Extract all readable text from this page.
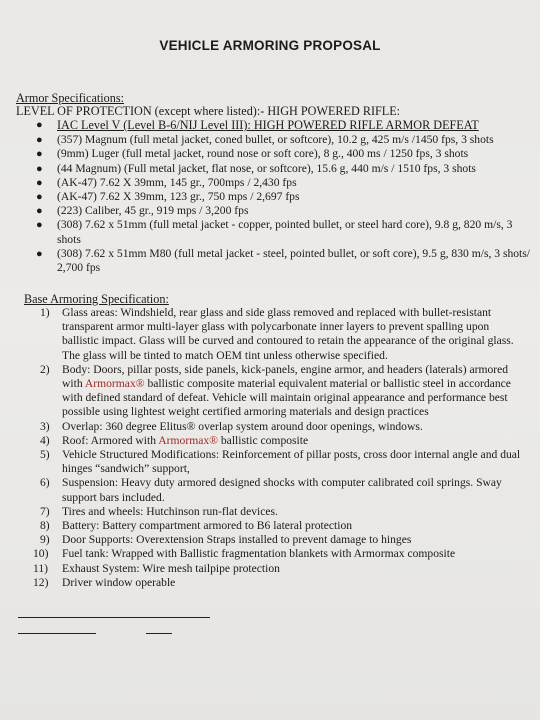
VEHICLE ARMORING PROPOSAL
Armor Specifications:
LEVEL OF PROTECTION (except where listed):- HIGH POWERED RIFLE:
● IAC Level V (Level B-6/NIJ Level III): HIGH POWERED RIFLE ARMOR DEFEAT
● (357) Magnum (full metal jacket, coned bullet, or softcore), 10.2 g, 425 m/s /1450 fps, 3 shots
● (9mm) Luger (full metal jacket, round nose or soft core), 8 g., 400 ms / 1250 fps, 3 shots
● (44 Magnum) (Full metal jacket, flat nose, or softcore), 15.6 g, 440 m/s / 1510 fps, 3 shots
● (AK-47) 7.62 X 39mm, 145 gr., 700mps / 2,430 fps
● (AK-47) 7.62 X 39mm, 123 gr., 750 mps / 2,697 fps
● (223) Caliber, 45 gr., 919 mps / 3,200 fps
● (308) 7.62 x 51mm (full metal jacket - copper, pointed bullet, or steel hard core), 9.8 g, 820 m/s, 3 shots
● (308) 7.62 x 51mm M80 (full metal jacket - steel, pointed bullet, or soft core), 9.5 g, 830 m/s, 3 shots/ 2,700 fps
Base Armoring Specification:
1)	Glass areas: Windshield, rear glass and side glass removed and replaced with bullet-resistant transparent armor multi-layer glass with polycarbonate inner layers to prevent spalling upon ballistic impact. Glass will be curved and contoured to retain the appearance of the original glass. The glass will be tinted to match OEM tint unless otherwise specified.
2)	Body: Doors, pillar posts, side panels, kick-panels, engine armor, and headers (laterals) armored with Armormax® ballistic composite material equivalent material or ballistic steel in accordance with defined standard of defeat. Vehicle will maintain original appearance and performance best possible using lightest weight certified armoring materials and design practices
3)	Overlap: 360 degree Elitus® overlap system around door openings, windows.
4)	Roof: Armored with Armormax® ballistic composite
5)	Vehicle Structured Modifications: Reinforcement of pillar posts, cross door internal angle and dual hinges “sandwich” support,
6)	Suspension: Heavy duty armored designed shocks with computer calibrated coil springs. Sway support bars included.
7)	Tires and wheels: Hutchinson run-flat devices.
8)	Battery: Battery compartment armored to B6 lateral protection
9)	Door Supports: Overextension Straps installed to prevent damage to hinges
10)	Fuel tank: Wrapped with Ballistic fragmentation blankets with Armormax composite
11)	Exhaust System: Wire mesh tailpipe protection
12)	Driver window operable
